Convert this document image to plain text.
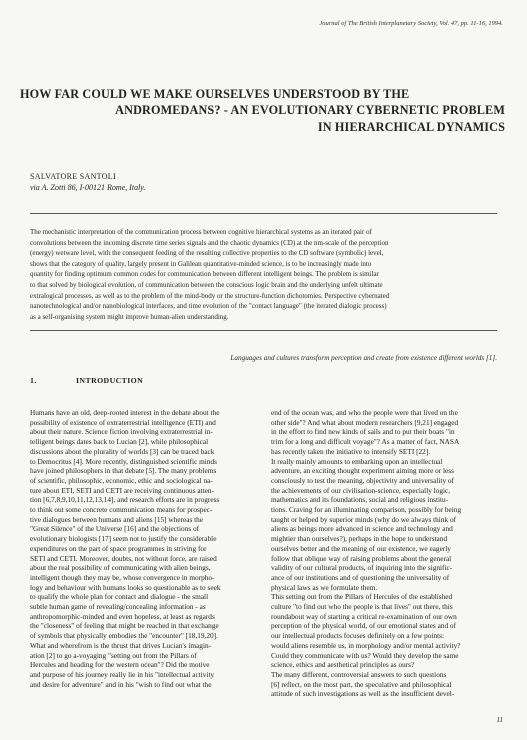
Journal of The British Interplanetary Society, Vol. 47, pp. 11-16, 1994.
HOW FAR COULD WE MAKE OURSELVES UNDERSTOOD BY THE
ANDROMEDANS? - AN EVOLUTIONARY CYBERNETIC PROBLEM
IN HIERARCHICAL DYNAMICS
SALVATORE SANTOLI
via A. Zotti 86, I-00121 Rome, Italy.
The mechanistic interpretation of the communication process between cognitive hierarchical systems as an iterated pair of
convolutions between the incoming discrete time series signals and the chaotic dynamics (CD) at the nm-scale of the perception
(energy) wetware level, with the consequent feeding of the resulting collective properties to the CD software (symbolic) level,
shows that the category of quality, largely present in Galilean quantitative-minded science, is to be increasingly made into
quantity for finding optimum common codes for communication between different intelligent beings. The problem is similar
to that solved by biological evolution, of communication between the conscious logic brain and the underlying unfelt ultimate
extralogical processes, as well as to the problem of the mind-body or the structure-function dichotomies. Perspective cybernated
nanotechnological and/or nanobiological interfaces, and time evolution of the "contact language" (the iterated dialogic process)
as a self-organising system might improve human-alien understanding.
Languages and cultures transform perception and create from existence different worlds [1].
1.	INTRODUCTION
Humans have an old, deep-rooted interest in the debate about the
possibility of existence of extraterrestrial intelligence (ETI) and
about their nature. Science fiction involving extraterrestrial in-
telligent beings dates back to Lucian [2], while philosophical
discussions about the plurality of worlds [3] can be traced back
to Democritus [4]. More recently, distinguished scientific minds
have joined philosophers in that debate [5]. The many problems
of scientific, philosophic, economic, ethic and sociological na-
ture about ETI, SETI and CETI are receiving continuous atten-
tion [6,7,8,9,10,11,12,13,14], and research efforts are in progress
to think out some concrete communication means for prospec-
tive dialogues between humans and aliens [15] whereas the
"Great Silence" of the Universe [16] and the objections of
evolutionary biologists [17] seem not to justify the considerable
expenditures on the part of space programmes in striving for
SETI and CETI. Moreover, doubts, not without force, are raised
about the real possibility of communicating with alien beings,
intelligent though they may be, whose convergence in morpho-
logy and behaviour with humans looks so questionable as to seek
to qualify the whole plan for contact and dialogue - the small
subtle human game of revealing/concealing information - as
anthropomorphic-minded and even hopeless, at least as regards
the "closeness" of feeling that might be reached in that exchange
of symbols that physically embodies the "encounter" [18,19,20].
What and wherefrom is the thrust that drives Lucian's imagin-
ation [2] to go a-voyaging "setting out from the Pillars of
Hercules and heading for the western ocean"? Did the motive
and purpose of his journey really lie in his "intellectual activity
and desire for adventure" and in his "wish to find out what the
end of the ocean was, and who the people were that lived on the
other side"? And what about modern researchers [9,21] engaged
in the effort to find new kinds of sails and to put their boats "in
trim for a long and difficult voyage"? As a matter of fact, NASA
has recently taken the initiative to intensify SETI [22].
It really mainly amounts to embarking upon an intellectual
adventure, an exciting thought experiment aiming more or less
consciously to test the meaning, objectivity and universality of
the achievements of our civilisation-science, especially logic,
mathematics and its foundations, social and religious institu-
tions. Craving for an illuminating comparison, possibly for being
taught or helped by superior minds (why do we always think of
aliens as beings more advanced in science and technology and
mightier than ourselves?), perhaps in the hope to understand
ourselves better and the meaning of our existence, we eagerly
follow that oblique way of raising problems about the general
validity of our cultural products, of inquiring into the signific-
ance of our institutions and of questioning the universality of
physical laws as we formulate them.
This setting out from the Pillars of Hercules of the established
culture "to find out who the people is that lives" out there, this
roundabout way of starting a critical re-examination of our own
perception of the physical world, of our emotional states and of
our intellectual products focuses definitely on a few points:
would aliens resemble us, in morphology and/or mental activity?
Could they communicate with us? Would they develop the same
science, ethics and aesthetical principles as ours?
The many different, controversial answers to such questions
[6] reflect, on the most part, the speculative and philosophical
attitude of such investigations as well as the insufficient devel-
11
